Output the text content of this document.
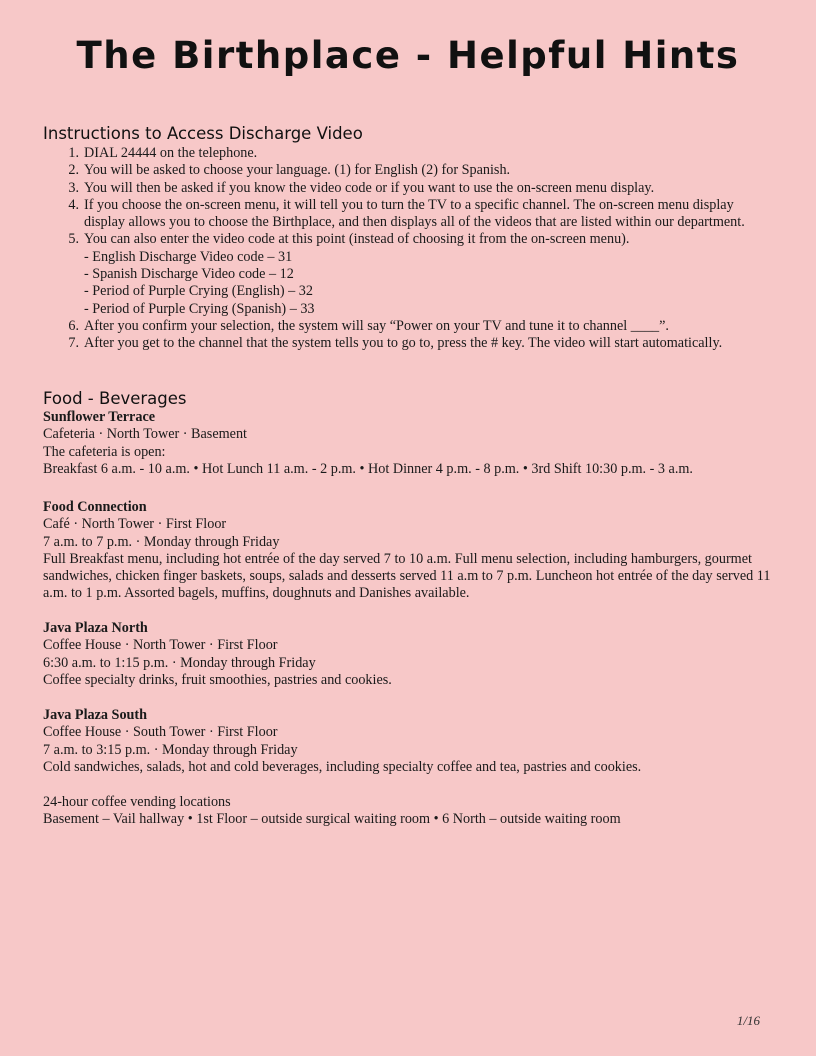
The Birthplace - Helpful Hints
Instructions to Access Discharge Video
1. DIAL 24444 on the telephone.
2. You will be asked to choose your language. (1) for English (2) for Spanish.
3. You will then be asked if you know the video code or if you want to use the on-screen menu display.
4. If you choose the on-screen menu, it will tell you to turn the TV to a specific channel. The on-screen menu display display allows you to choose the Birthplace, and then displays all of the videos that are listed within our department.
5. You can also enter the video code at this point (instead of choosing it from the on-screen menu).
- English Discharge Video code – 31
- Spanish Discharge Video code – 12
- Period of Purple Crying (English) – 32
- Period of Purple Crying (Spanish) – 33
6. After you confirm your selection, the system will say “Power on your TV and tune it to channel ____”.
7. After you get to the channel that the system tells you to go to, press the # key. The video will start automatically.
Food - Beverages
Sunflower Terrace
Cafeteria · North Tower · Basement
The cafeteria is open:
Breakfast 6 a.m. - 10 a.m. • Hot Lunch 11 a.m. - 2 p.m. • Hot Dinner 4 p.m. - 8 p.m. • 3rd Shift 10:30 p.m. - 3 a.m.
Food Connection
Café · North Tower · First Floor
7 a.m. to 7 p.m. · Monday through Friday
Full Breakfast menu, including hot entrée of the day served 7 to 10 a.m. Full menu selection, including hamburgers, gourmet sandwiches, chicken finger baskets, soups, salads and desserts served 11 a.m to 7 p.m. Luncheon hot entrée of the day served 11 a.m. to 1 p.m. Assorted bagels, muffins, doughnuts and Danishes available.
Java Plaza North
Coffee House · North Tower · First Floor
6:30 a.m. to 1:15 p.m. · Monday through Friday
Coffee specialty drinks, fruit smoothies, pastries and cookies.
Java Plaza South
Coffee House · South Tower · First Floor
7 a.m. to 3:15 p.m. · Monday through Friday
Cold sandwiches, salads, hot and cold beverages, including specialty coffee and tea, pastries and cookies.
24-hour coffee vending locations
Basement – Vail hallway • 1st Floor – outside surgical waiting room • 6 North – outside waiting room
1/16
